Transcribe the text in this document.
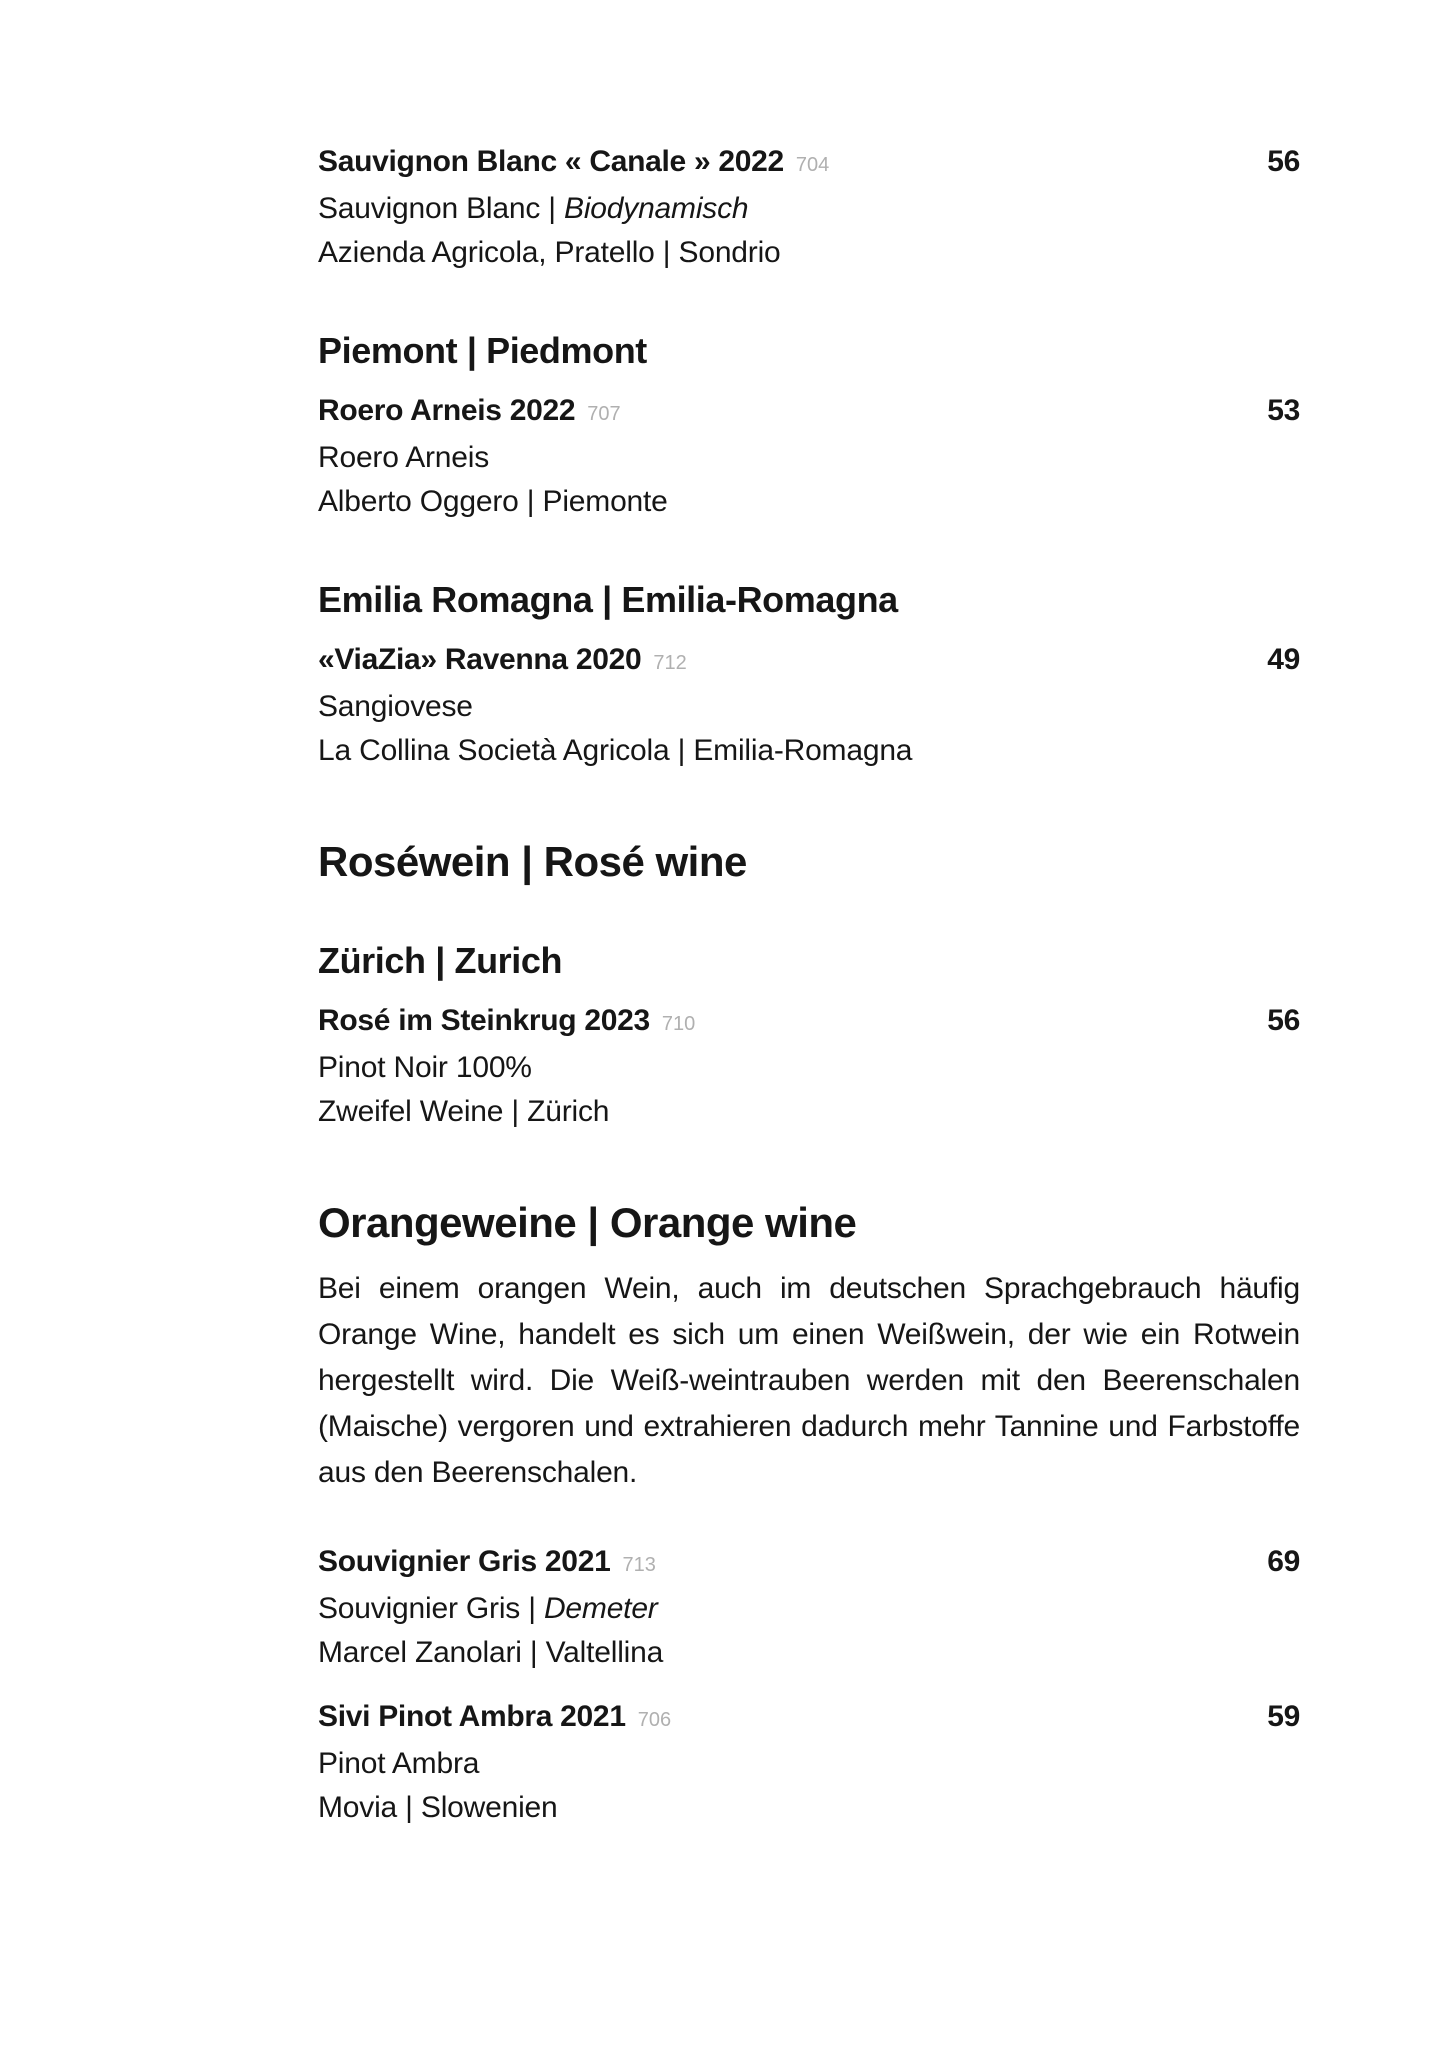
Sauvignon Blanc « Canale » 2022 704	56
Sauvignon Blanc | Biodynamisch
Azienda Agricola, Pratello | Sondrio
Piemont | Piedmont
Roero Arneis 2022 707	53
Roero Arneis
Alberto Oggero | Piemonte
Emilia Romagna | Emilia-Romagna
«ViaZia» Ravenna 2020 712	49
Sangiovese
La Collina Società Agricola | Emilia-Romagna
Roséwein | Rosé wine
Zürich | Zurich
Rosé im Steinkrug 2023 710	56
Pinot Noir 100%
Zweifel Weine | Zürich
Orangeweine | Orange wine

Bei einem orangen Wein, auch im deutschen Sprachgebrauch häufig Orange Wine, handelt es sich um einen Weißwein, der wie ein Rotwein hergestellt wird. Die Weiß-weintrauben werden mit den Beerenschalen (Maische) vergoren und extrahieren dadurch mehr Tannine und Farbstoffe aus den Beerenschalen.

Souvignier Gris 2021 713	69
Souvignier Gris | Demeter
Marcel Zanolari | Valtellina
Sivi Pinot Ambra 2021 706	59
Pinot Ambra
Movia | Slowenien
